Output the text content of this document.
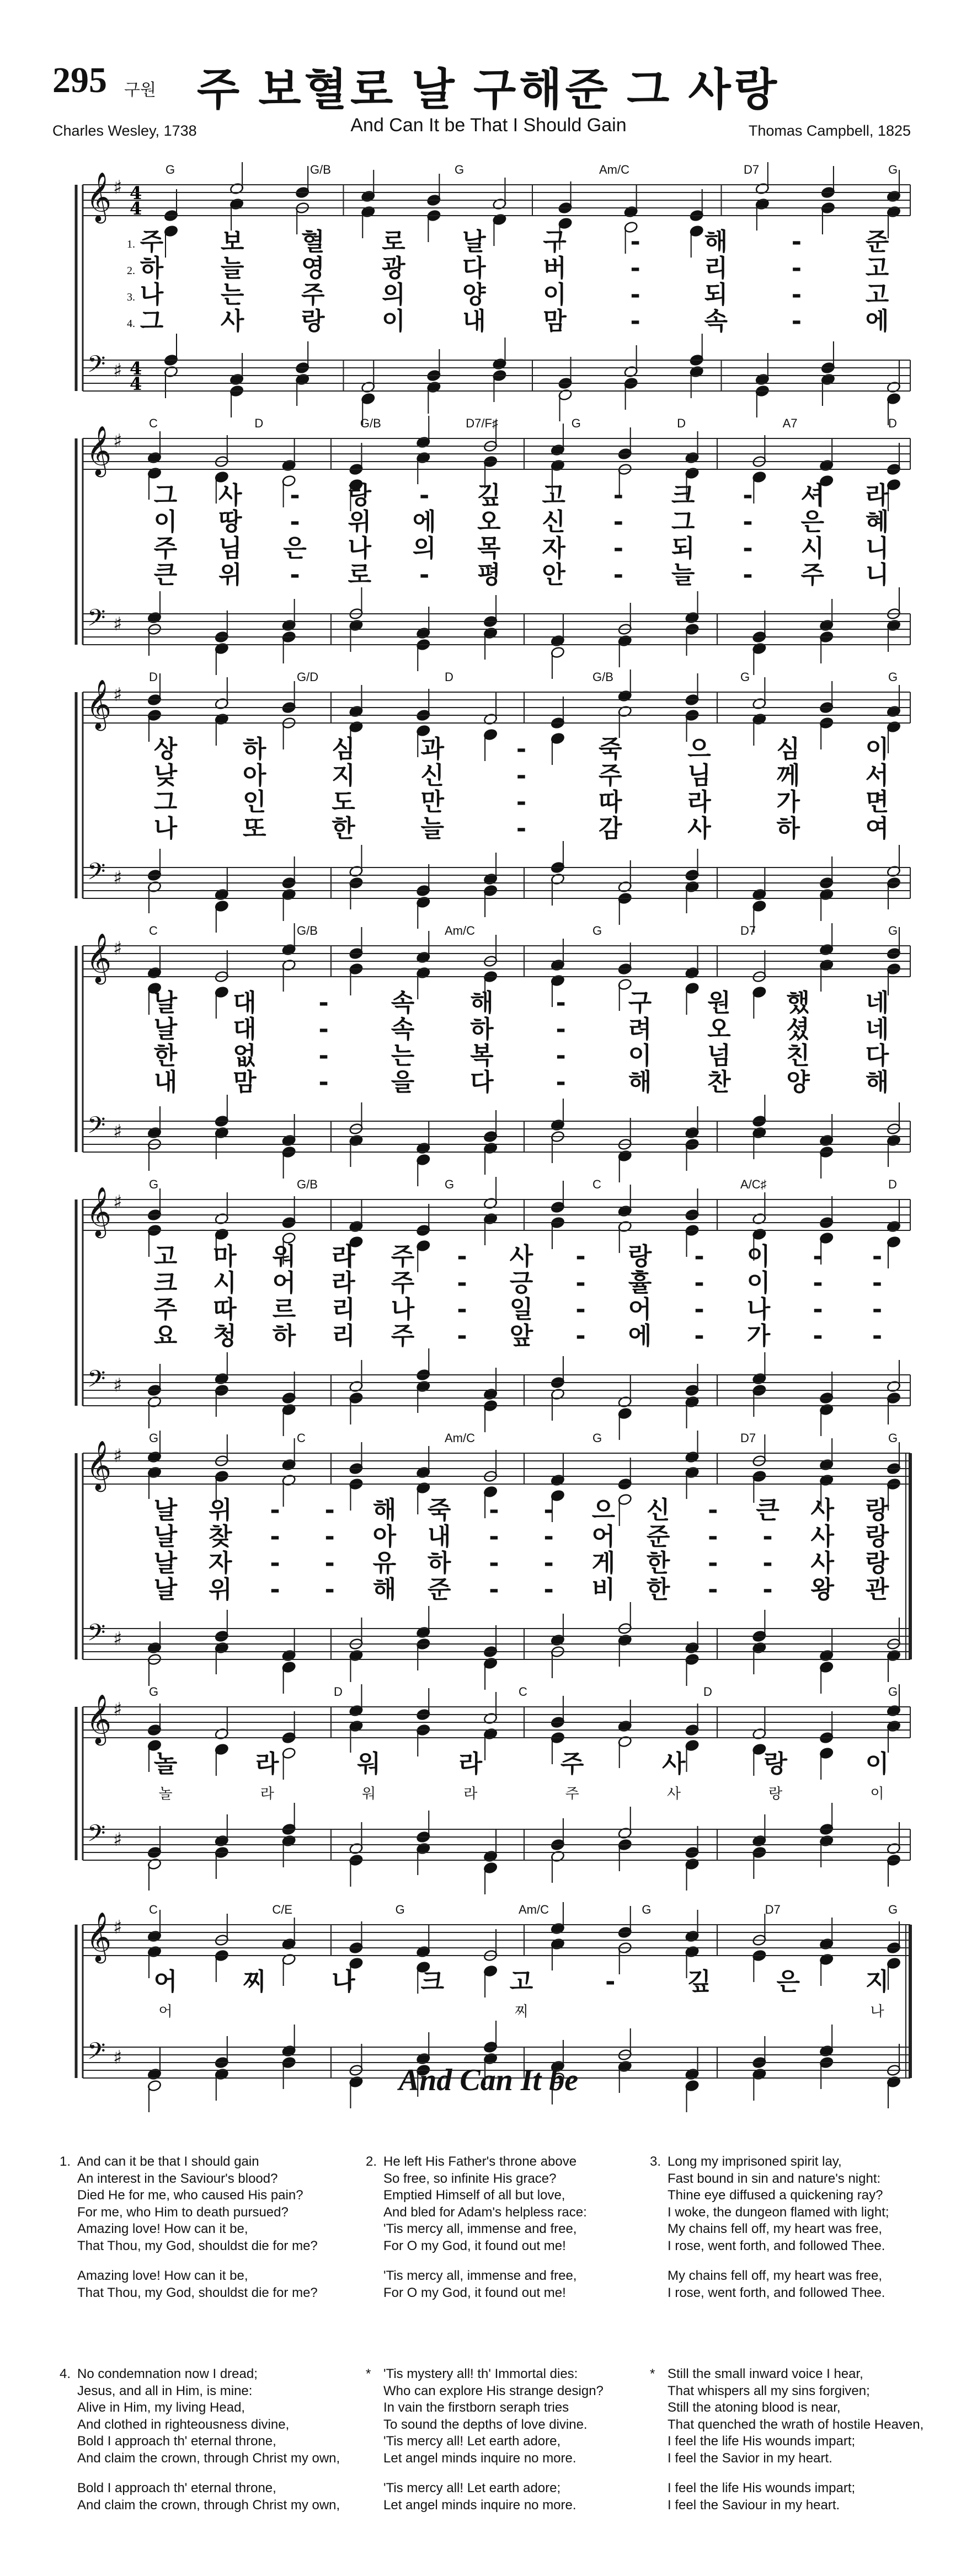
295 구원 주 보혈로 날 구해준 그 사랑
And Can It be That I Should Gain
Charles Wesley, 1738	Thomas Campbell, 1825
𝄞
𝄢
♯
♯
4
4
4
4
G	G/B	G	Am/C	D7	G
1. 주 보 혈 로 날 구	-	해	-	준
2. 하 늘 영 광 다 버	-	리	-	고
3. 나 는 주 의 양 이	-	되	-	고
4. 그 사 랑 이 내 맘	-	속	-	에
𝄞
𝄢
♯
♯
C	D	G/B	D7/F♯	G	D	A7	D
그 사 - 랑 - 깊 고 - 크 - 셔 라
이 땅 - 위 에 오 신 - 그 - 은 혜
주 님 은 나 의 목 자 - 되 - 시 니
큰 위 - 로 - 평 안 - 늘 - 주 니
𝄞
𝄢
♯
♯
D	G/D	D	G/B	G	G
상	하	심	과	-	죽	으	심	이
낮	아	지	신	-	주	님	께	서
그	인	도	만	-	따	라	가	면
나	또	한	늘	-	감	사	하	여
𝄞
𝄢
♯
♯
C	G/B	Am/C	G	D7	G
날 대	-	속 해	-	구 원 했 네
날 대	-	속 하	-	려 오 셨 네
한 없	-	는 복	-	이 넘 친 다
내 맘	-	을 다	-	해 찬 양 해
𝄞
𝄢
♯
♯
G	G/B	G	C	A/C♯	D
고 마 워 라 주 - 사 - 랑 - 이 - -
크 시 어 라 주 - 긍 - 휼 - 이 - -
주 따 르 리 나 - 일 - 어 - 나 - -
요 청 하 리 주 - 앞 - 에 - 가 - -
𝄞
𝄢
♯
♯
G	C	Am/C	G	D7	G
날 위 - - 해 죽 - - 으 신 - 큰 사 랑
날 찾 - - 아 내 - - 어 준 - - 사 랑
날 자 - - 유 하 - - 게 한 - - 사 랑
날 위 - - 해 준 - - 비 한 - - 왕 관
𝄞
𝄢
♯
♯
G	D	C	D	G
놀	라	워	라	주	사	랑	이
놀	라	워	라	주	사	랑	이
𝄞
𝄢
♯
♯
C	C/E	G	Am/C	G	D7	G
어	찌	나	크	고	-	깊	은	지
어	찌	나
And Can It be
1. And can it be that I should gain
An interest in the Saviour's blood?
Died He for me, who caused His pain?
For me, who Him to death pursued?
Amazing love! How can it be,
That Thou, my God, shouldst die for me?
Amazing love! How can it be,
That Thou, my God, shouldst die for me?
2. He left His Father's throne above
So free, so infinite His grace?
Emptied Himself of all but love,
And bled for Adam's helpless race:
'Tis mercy all, immense and free,
For O my God, it found out me!
'Tis mercy all, immense and free,
For O my God, it found out me!
3. Long my imprisoned spirit lay,
Fast bound in sin and nature's night:
Thine eye diffused a quickening ray?
I woke, the dungeon flamed with light;
My chains fell off, my heart was free,
I rose, went forth, and followed Thee.
My chains fell off, my heart was free,
I rose, went forth, and followed Thee.
4. No condemnation now I dread;
Jesus, and all in Him, is mine:
Alive in Him, my living Head,
And clothed in righteousness divine,
Bold I approach th' eternal throne,
And claim the crown, through Christ my own,
Bold I approach th' eternal throne,
And claim the crown, through Christ my own,
* 'Tis mystery all! th' Immortal dies:
Who can explore His strange design?
In vain the firstborn seraph tries
To sound the depths of love divine.
'Tis mercy all! Let earth adore,
Let angel minds inquire no more.
'Tis mercy all! Let earth adore;
Let angel minds inquire no more.
* Still the small inward voice I hear,
That whispers all my sins forgiven;
Still the atoning blood is near,
That quenched the wrath of hostile Heaven,
I feel the life His wounds impart;
I feel the Savior in my heart.
I feel the life His wounds impart;
I feel the Saviour in my heart.
